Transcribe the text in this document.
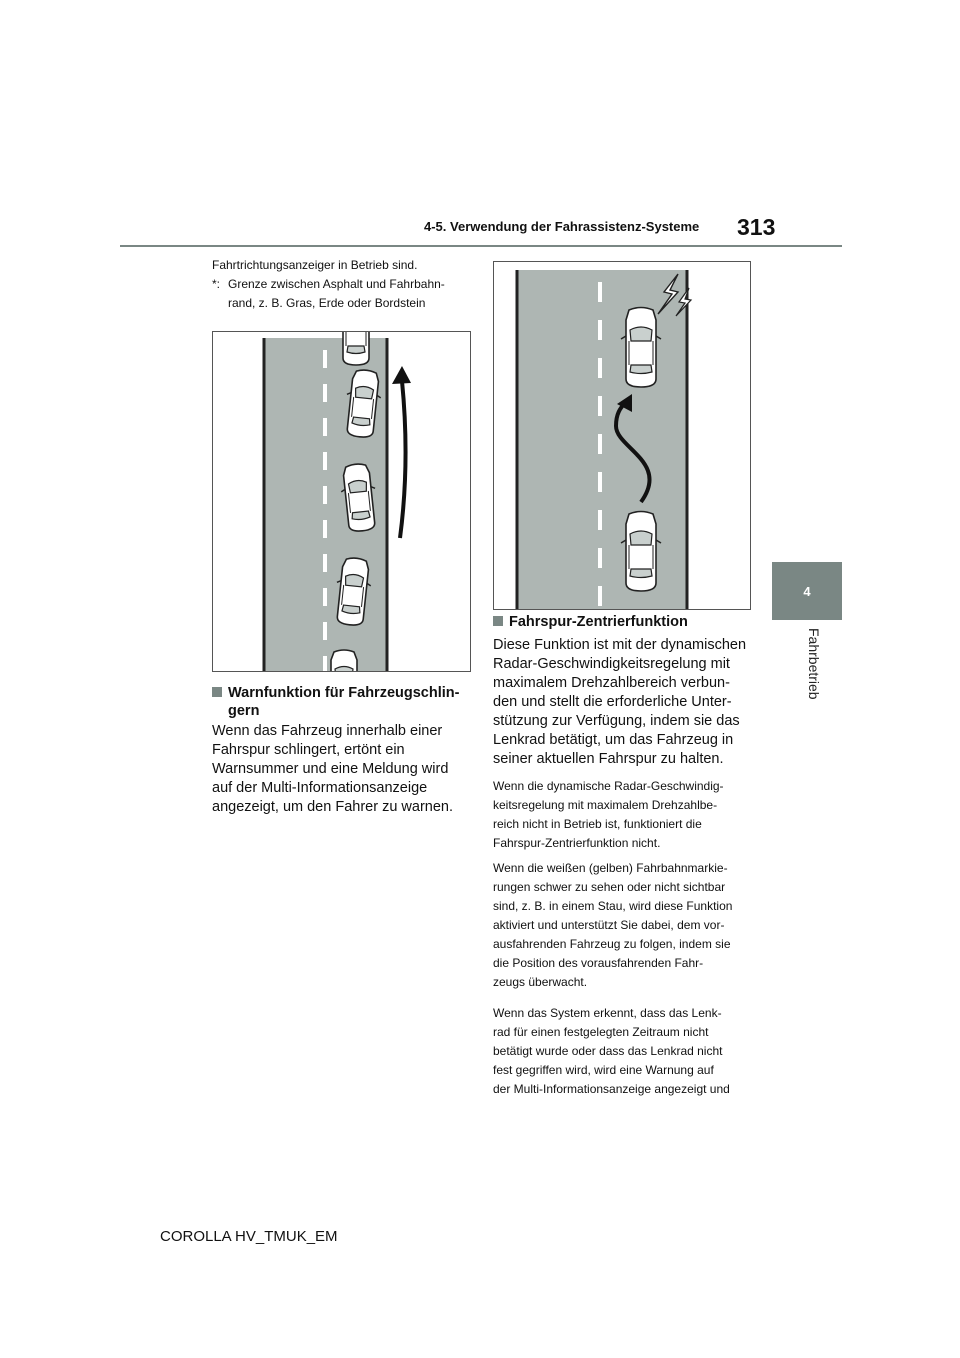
4-5. Verwendung der Fahrassistenz-Systeme 313
4
Fahrbetrieb
Fahrtrichtungsanzeiger in Betrieb sind.
*: Grenze zwischen Asphalt und Fahrbahn-
rand, z. B. Gras, Erde oder Bordstein
Warnfunktion für Fahrzeugschlin-
gern
Wenn das Fahrzeug innerhalb einer
Fahrspur schlingert, ertönt ein
Warnsummer und eine Meldung wird
auf der Multi-Informationsanzeige
angezeigt, um den Fahrer zu warnen.
Fahrspur-Zentrierfunktion
Diese Funktion ist mit der dynamischen
Radar-Geschwindigkeitsregelung mit
maximalem Drehzahlbereich verbun-
den und stellt die erforderliche Unter-
stützung zur Verfügung, indem sie das
Lenkrad betätigt, um das Fahrzeug in
seiner aktuellen Fahrspur zu halten.
Wenn die dynamische Radar-Geschwindig-
keitsregelung mit maximalem Drehzahlbe-
reich nicht in Betrieb ist, funktioniert die
Fahrspur-Zentrierfunktion nicht.
Wenn die weißen (gelben) Fahrbahnmarkie-
rungen schwer zu sehen oder nicht sichtbar
sind, z. B. in einem Stau, wird diese Funktion
aktiviert und unterstützt Sie dabei, dem vor-
ausfahrenden Fahrzeug zu folgen, indem sie
die Position des vorausfahrenden Fahr-
zeugs überwacht.
Wenn das System erkennt, dass das Lenk-
rad für einen festgelegten Zeitraum nicht
betätigt wurde oder dass das Lenkrad nicht
fest gegriffen wird, wird eine Warnung auf
der Multi-Informationsanzeige angezeigt und
COROLLA HV_TMUK_EM
